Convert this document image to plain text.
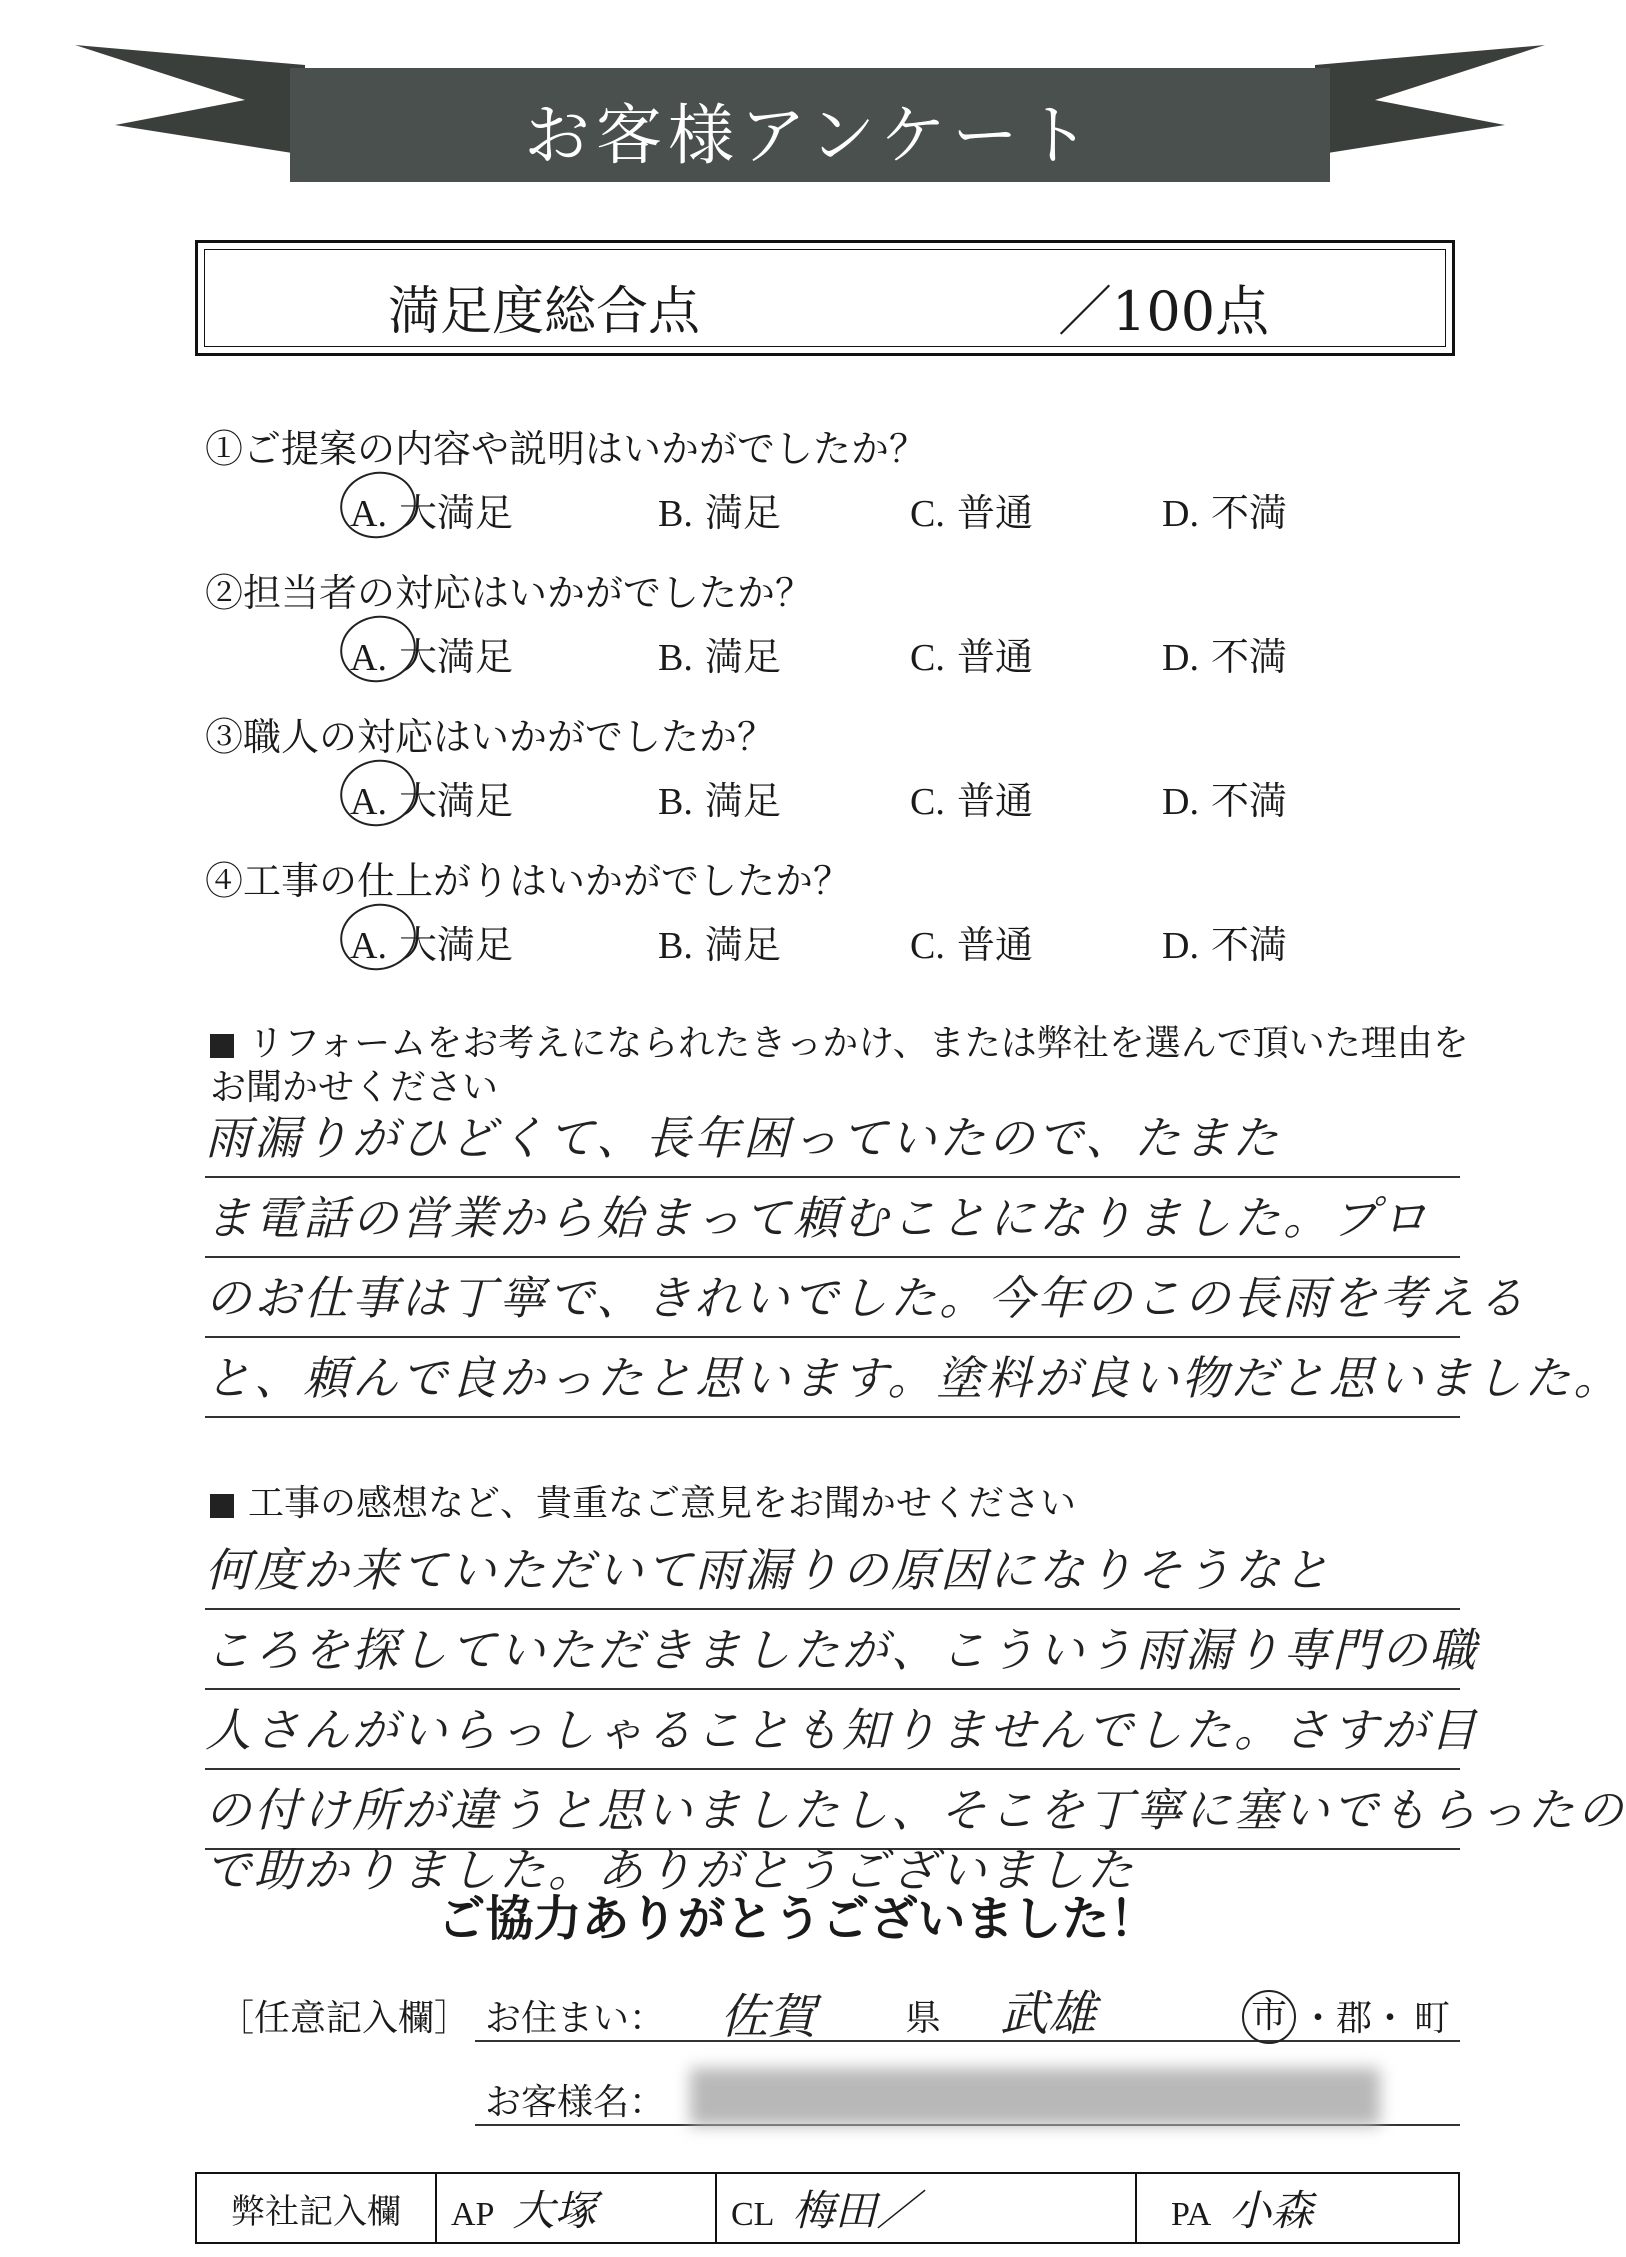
お客様アンケート
満足度総合点	／100点
①ご提案の内容や説明はいかがでしたか？
A. 大満足	B. 満足	C. 普通	D. 不満
②担当者の対応はいかがでしたか？
A. 大満足	B. 満足	C. 普通	D. 不満
③職人の対応はいかがでしたか？
A. 大満足	B. 満足	C. 普通	D. 不満
④工事の仕上がりはいかがでしたか？
A. 大満足	B. 満足	C. 普通	D. 不満
リフォームをお考えになられたきっかけ、または弊社を選んで頂いた理由を
お聞かせください
雨漏りがひどくて、長年困っていたので、たまた
ま電話の営業から始まって頼むことになりました。プロ
のお仕事は丁寧で、きれいでした。今年のこの長雨を考える
と、頼んで良かったと思います。塗料が良い物だと思いました。
工事の感想など、貴重なご意見をお聞かせください
何度か来ていただいて雨漏りの原因になりそうなと
ころを探していただきましたが、こういう雨漏り専門の職
人さんがいらっしゃることも知りませんでした。さすが目
の付け所が違うと思いましたし、そこを丁寧に塞いでもらったの
で助かりました。ありがとうございました
ご協力ありがとうございました！
［任意記入欄］ お住まい： 佐賀 県 武雄	市 ・郡・ 町
お客様名：
弊社記入欄	AP 大塚	CL 梅田／	PA 小森
